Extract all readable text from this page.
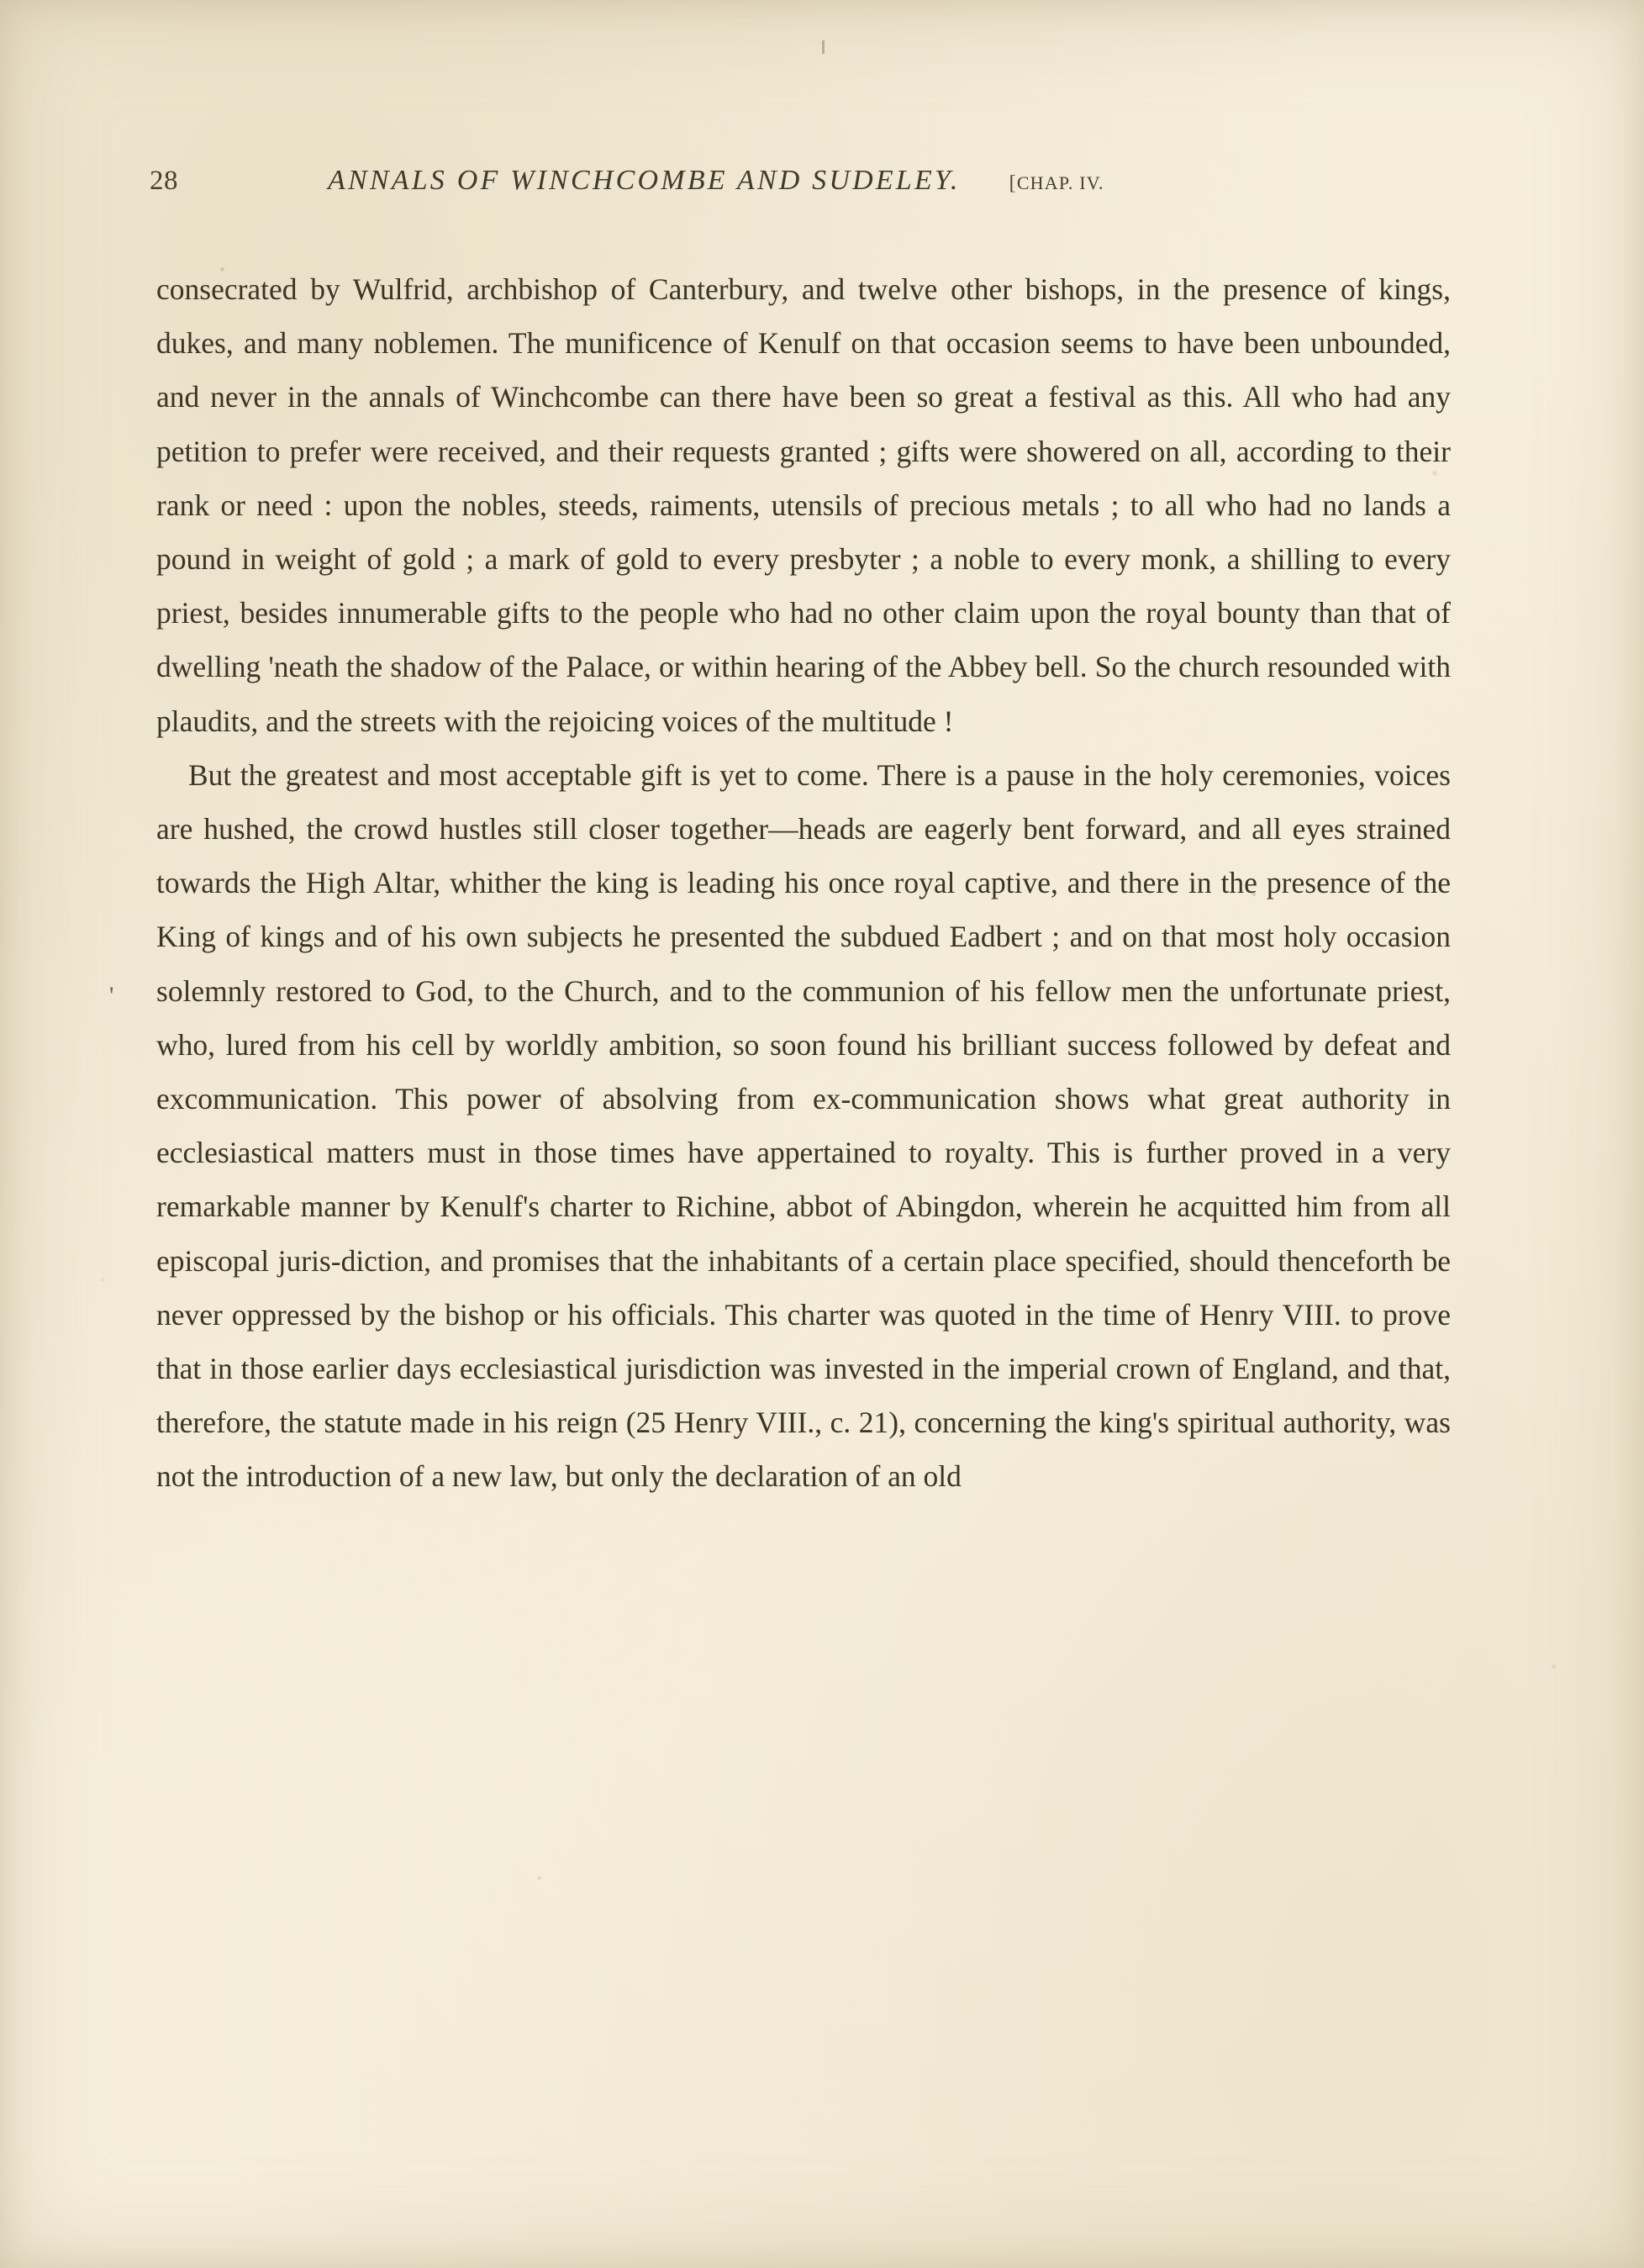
28	ANNALS OF WINCHCOMBE AND SUDELEY. [CHAP. IV.
'

consecrated by Wulfrid, archbishop of Canterbury, and twelve other bishops, in the presence of kings, dukes, and many noblemen. The munificence of Kenulf on that occasion seems to have been unbounded, and never in the annals of Winchcombe can there have been so great a festival as this. All who had any petition to prefer were received, and their requests granted ; gifts were showered on all, according to their rank or need : upon the nobles, steeds, raiments, utensils of precious metals ; to all who had no lands a pound in weight of gold ; a mark of gold to every presbyter ; a noble to every monk, a shilling to every priest, besides innumerable gifts to the people who had no other claim upon the royal bounty than that of dwelling 'neath the shadow of the Palace, or within hearing of the Abbey bell. So the church resounded with plaudits, and the streets with the rejoicing voices of the multitude !

But the greatest and most acceptable gift is yet to come. There is a pause in the holy ceremonies, voices are hushed, the crowd hustles still closer together—heads are eagerly bent forward, and all eyes strained towards the High Altar, whither the king is leading his once royal captive, and there in the presence of the King of kings and of his own subjects he presented the subdued Eadbert ; and on that most holy occasion solemnly restored to God, to the Church, and to the communion of his fellow men the unfortunate priest, who, lured from his cell by worldly ambition, so soon found his brilliant success followed by defeat and excommunication. This power of absolving from ex-communication shows what great authority in ecclesiastical matters must in those times have appertained to royalty. This is further proved in a very remarkable manner by Kenulf's charter to Richine, abbot of Abingdon, wherein he acquitted him from all episcopal juris-diction, and promises that the inhabitants of a certain place specified, should thenceforth be never oppressed by the bishop or his officials. This charter was quoted in the time of Henry VIII. to prove that in those earlier days ecclesiastical jurisdiction was invested in the imperial crown of England, and that, therefore, the statute made in his reign (25 Henry VIII., c. 21), concerning the king's spiritual authority, was not the introduction of a new law, but only the declaration of an old
